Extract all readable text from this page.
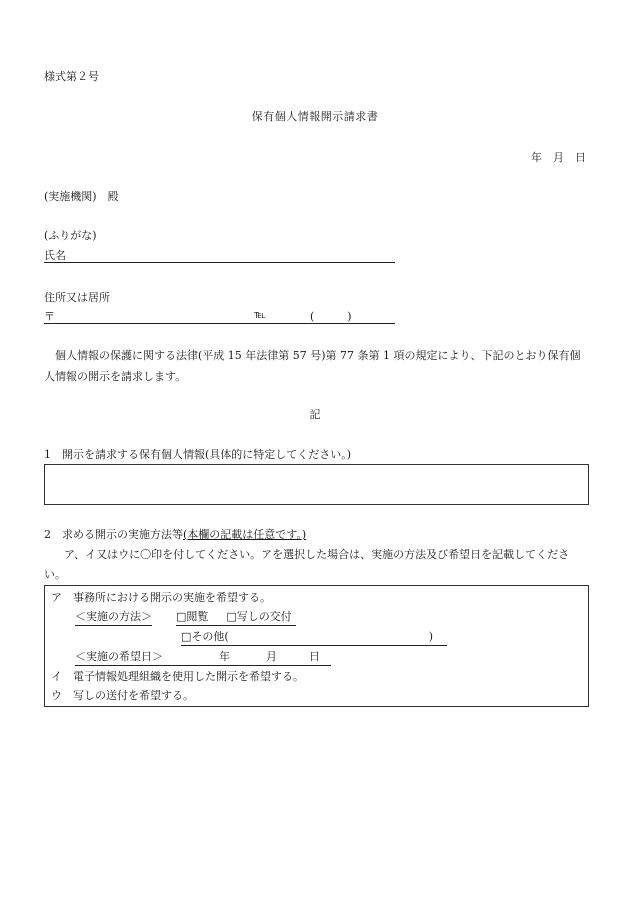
様式第２号
保有個人情報開示請求書
年　月　日
(実施機関)　殿
(ふりがな)
氏名
住所又は居所
〒	℡	(　　　)
個人情報の保護に関する法律(平成 15 年法律第 57 号)第 77 条第 1 項の規定により、下記のとおり保有個人情報の開示を請求します。
記
1　開示を請求する保有個人情報(具体的に特定してください。)
2　求める開示の実施方法等(本欄の記載は任意です。)
ア、イ又はウに〇印を付してください。アを選択した場合は、実施の方法及び希望日を記載してください。
ア　事務所における開示の実施を希望する。
＜実施の方法＞ □閲覧 □写しの交付
□その他(	)
＜実施の希望日＞	年	月	日
イ　電子情報処理組織を使用した開示を希望する。
ウ　写しの送付を希望する。
